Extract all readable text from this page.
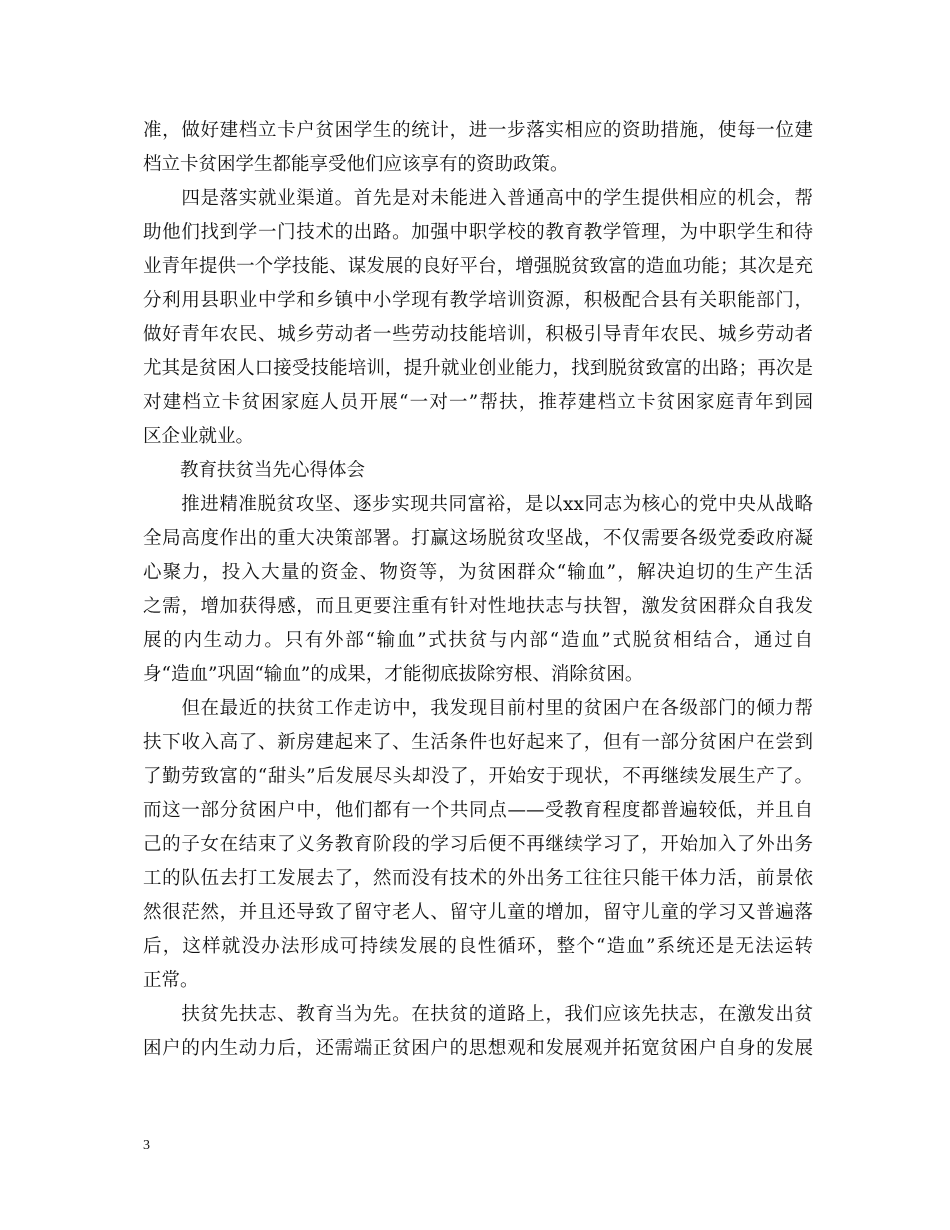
准，做好建档立卡户贫困学生的统计，进一步落实相应的资助措施，使每一位建
档立卡贫困学生都能享受他们应该享有的资助政策。
　　四是落实就业渠道。首先是对未能进入普通高中的学生提供相应的机会，帮
助他们找到学一门技术的出路。加强中职学校的教育教学管理，为中职学生和待
业青年提供一个学技能、谋发展的良好平台，增强脱贫致富的造血功能；其次是充
分利用县职业中学和乡镇中小学现有教学培训资源，积极配合县有关职能部门，
做好青年农民、城乡劳动者一些劳动技能培训，积极引导青年农民、城乡劳动者
尤其是贫困人口接受技能培训，提升就业创业能力，找到脱贫致富的出路；再次是
对建档立卡贫困家庭人员开展“一对一”帮扶，推荐建档立卡贫困家庭青年到园
区企业就业。
　　教育扶贫当先心得体会
　　推进精准脱贫攻坚、逐步实现共同富裕，是以xx同志为核心的党中央从战略
全局高度作出的重大决策部署。打赢这场脱贫攻坚战，不仅需要各级党委政府凝
心聚力，投入大量的资金、物资等，为贫困群众“输血”，解决迫切的生产生活
之需，增加获得感，而且更要注重有针对性地扶志与扶智，激发贫困群众自我发
展的内生动力。只有外部“输血”式扶贫与内部“造血”式脱贫相结合，通过自
身“造血”巩固“输血”的成果，才能彻底拔除穷根、消除贫困。
　　但在最近的扶贫工作走访中，我发现目前村里的贫困户在各级部门的倾力帮
扶下收入高了、新房建起来了、生活条件也好起来了，但有一部分贫困户在尝到
了勤劳致富的“甜头”后发展尽头却没了，开始安于现状，不再继续发展生产了。
而这一部分贫困户中，他们都有一个共同点——受教育程度都普遍较低，并且自
己的子女在结束了义务教育阶段的学习后便不再继续学习了，开始加入了外出务
工的队伍去打工发展去了，然而没有技术的外出务工往往只能干体力活，前景依
然很茫然，并且还导致了留守老人、留守儿童的增加，留守儿童的学习又普遍落
后，这样就没办法形成可持续发展的良性循环，整个“造血”系统还是无法运转
正常。
　　扶贫先扶志、教育当为先。在扶贫的道路上，我们应该先扶志，在激发出贫
困户的内生动力后，还需端正贫困户的思想观和发展观并拓宽贫困户自身的发展
3
